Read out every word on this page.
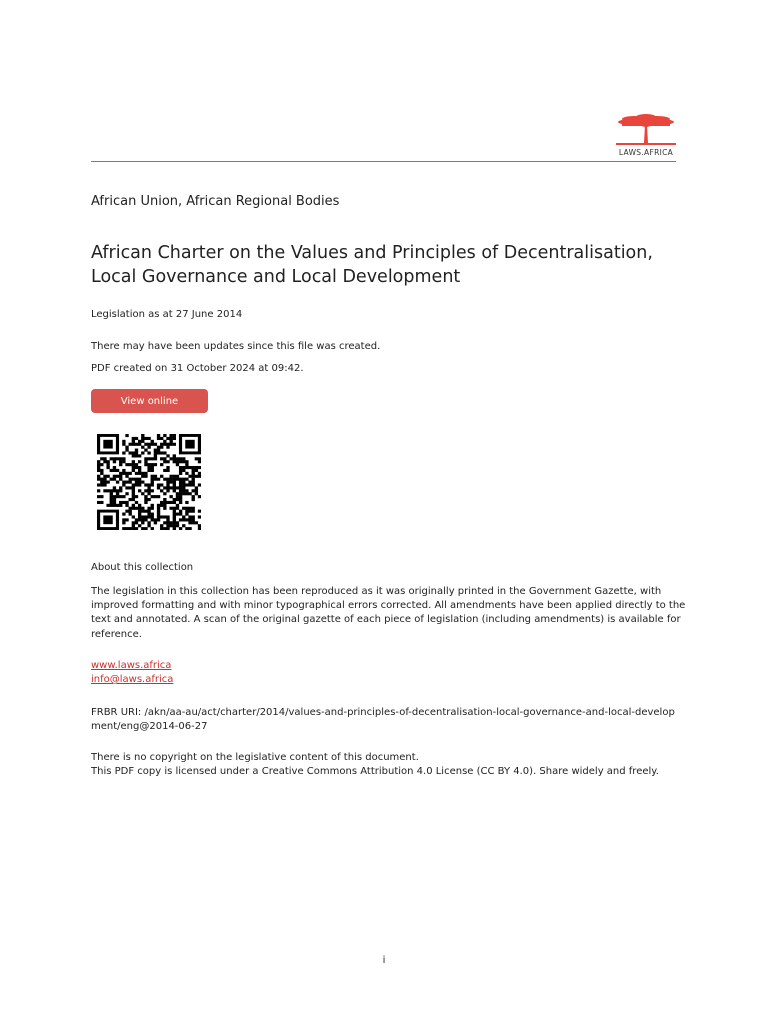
LAWS.AFRICA
African Union, African Regional Bodies
African Charter on the Values and Principles of Decentralisation, Local Governance and Local Development
Legislation as at 27 June 2014
There may have been updates since this file was created.
PDF created on 31 October 2024 at 09:42.
View online
About this collection
The legislation in this collection has been reproduced as it was originally printed in the Government Gazette, with improved formatting and with minor typographical errors corrected. All amendments have been applied directly to the text and annotated. A scan of the original gazette of each piece of legislation (including amendments) is available for reference.
www.laws.africa
info@laws.africa
FRBR URI: /akn/aa-au/act/charter/2014/values-and-principles-of-decentralisation-local-governance-and-local-development/eng@2014-06-27
There is no copyright on the legislative content of this document.
This PDF copy is licensed under a Creative Commons Attribution 4.0 License (CC BY 4.0). Share widely and freely.
i
